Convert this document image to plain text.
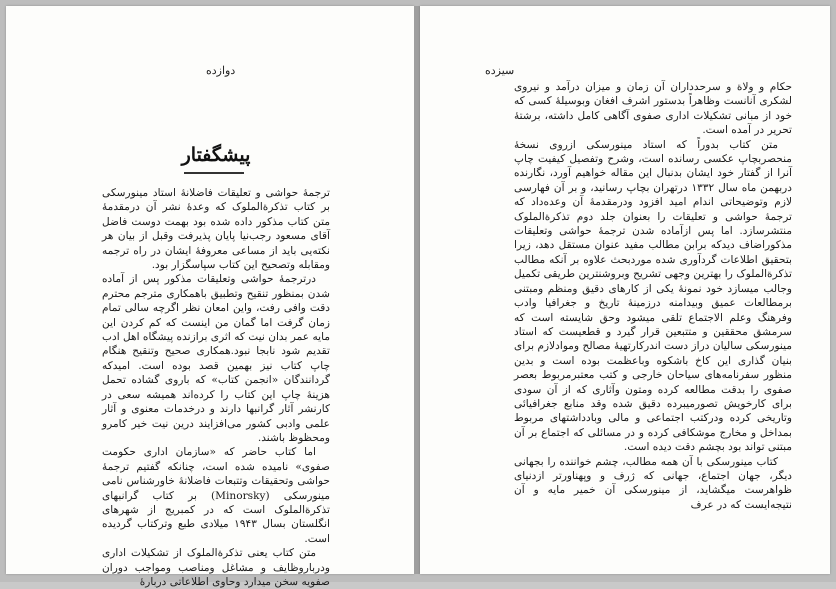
دوازده
پیشگفتار

ترجمهٔ حواشی و تعلیقات فاضلانهٔ استاد مینورسکی بر کتاب تذکرة‌الملوک که وعدهٔ نشر آن درمقدمهٔ متن کتاب مذکور داده شده بود بهمت دوست فاضل آقای مسعود رجب‌نیا پایان پذیرفت وقبل از بیان هر نکته‌یی باید از مساعی معروفهٔ ایشان در راه ترجمه ومقابله وتصحیح این کتاب سپاسگزار بود.

درترجمهٔ حواشی وتعلیقات مذکور پس از آماده شدن بمنظور تنقیح وتطبیق باهمکاری مترجم محترم دقت وافی رفت، واین امعان نظر اگرچه سالی تمام زمان گرفت اما گمان من اینست که کم کردن این مایه عمر بدان نیت که اثری برازنده پیشگاه اهل ادب تقدیم شود نابجا نبود.همکاری صحیح وتنقیح هنگام چاپ کتاب نیز بهمین قصد بوده است. امیدکه گردانندگان «انجمن کتاب» که باروی گشاده تحمل هزینهٔ چاپ این کتاب را کرده‌اند همیشه سعی در کارنشر آثار گرانبها دارند و درخدمات معنوی و آثار علمی وادبی کشور می‌افزایند درین نیت خیر کامرو ومحظوظ باشند.

اما کتاب حاضر که «سازمان اداری حکومت صفوی» نامیده شده است، چنانکه گفتیم ترجمهٔ حواشی وتحقیقات وتتبعات فاضلانهٔ خاورشناس نامی مینورسکی (Minorsky) بر کتاب گرانبهای تذکرة‌الملوک است که در کمبریج از شهرهای انگلستان بسال ۱۹۴۳ میلادی طبع وترکتاب گردیده است.

متن کتاب یعنی تذکرة‌الملوک از تشکیلات اداری ودرباروظایف و مشاغل ومناصب ومواجب دوران صفویه سخن میدارد وحاوی اطلاعاتی دربارهٔ

سیزده

حکام و ولاة و سرحدداران آن زمان و میزان درآمد و نیروی لشکری آنانست وظاهراً بدستور اشرف افغان وبوسیلهٔ کسی که خود از مبانی تشکیلات اداری صفوی آگاهی کامل داشته، برشتهٔ تحریر در آمده است.

متن کتاب بدوراً که استاد مینورسکی ازروی نسخهٔ منحصربچاپ عکسی رسانده است، وشرح وتفصیل کیفیت چاپ آنرا از گفتار خود ایشان بدنبال این مقاله خواهیم آورد، نگارنده دربهمن ماه سال ۱۳۳۲ درتهران بچاپ رسانید، و بر آن فهارسی لازم وتوضیحاتی اندام امید افزود ودرمقدمهٔ آن وعده‌داد که ترجمهٔ حواشی و تعلیقات را بعنوان جلد دوم تذکرة‌الملوک منتشرسازد. اما پس ازآماده شدن ترجمهٔ حواشی وتعلیقات مذکوراضاف دیدکه برابن مطالب مفید عنوان مستقل دهد، زیرا بتحقیق اطلاعات گردآوری شده موردبحث علاوه بر آنکه مطالب تذکرة‌الملوک را بهترین وجهی تشریح وبروشنترین طریقی تکمیل وجالب میسازد خود نمونهٔ یکی از کارهای دقیق ومنظم ومبتنی برمطالعات عمیق وبیدامنه درزمینهٔ تاریخ و جغرافیا وادب وفرهنگ وعلم الاجتماع تلقی میشود وحق شایسته است که سرمشق محققین و متتبعین قرار گیرد و قطعیست که استاد مینورسکی سالیان دراز دست اندرکارتهیهٔ مصالح وموادلازم برای بنیان گذاری این کاخ باشکوه وباعظمت بوده است و بدین منظور سفرنامه‌های سیاحان خارجی و کتب معتبرمربوط بعصر صفوی را بدقت مطالعه کرده ومتون وآثاری که از آن سودی برای کارخویش تصورمیبرده دقیق شده وقد منابع جغرافیائی وتاریخی کرده ودرکتب اجتماعی و مالی وبادداشتهای مربوط بمداخل و مخارج موشکافی کرده و در مسائلی که اجتماع بر آن مبتنی تواند بود بچشم دقت دیده است.

کتاب مینورسکی با آن همه مطالب، چشم خواننده را بجهانی دیگر، جهان اجتماع، جهانی که ژرف و وپهناورتر ازدنیای ظواهرست میگشاید، از مینورسکی آن خمیر مایه و آن نتیجه‌ایست که در عرف
